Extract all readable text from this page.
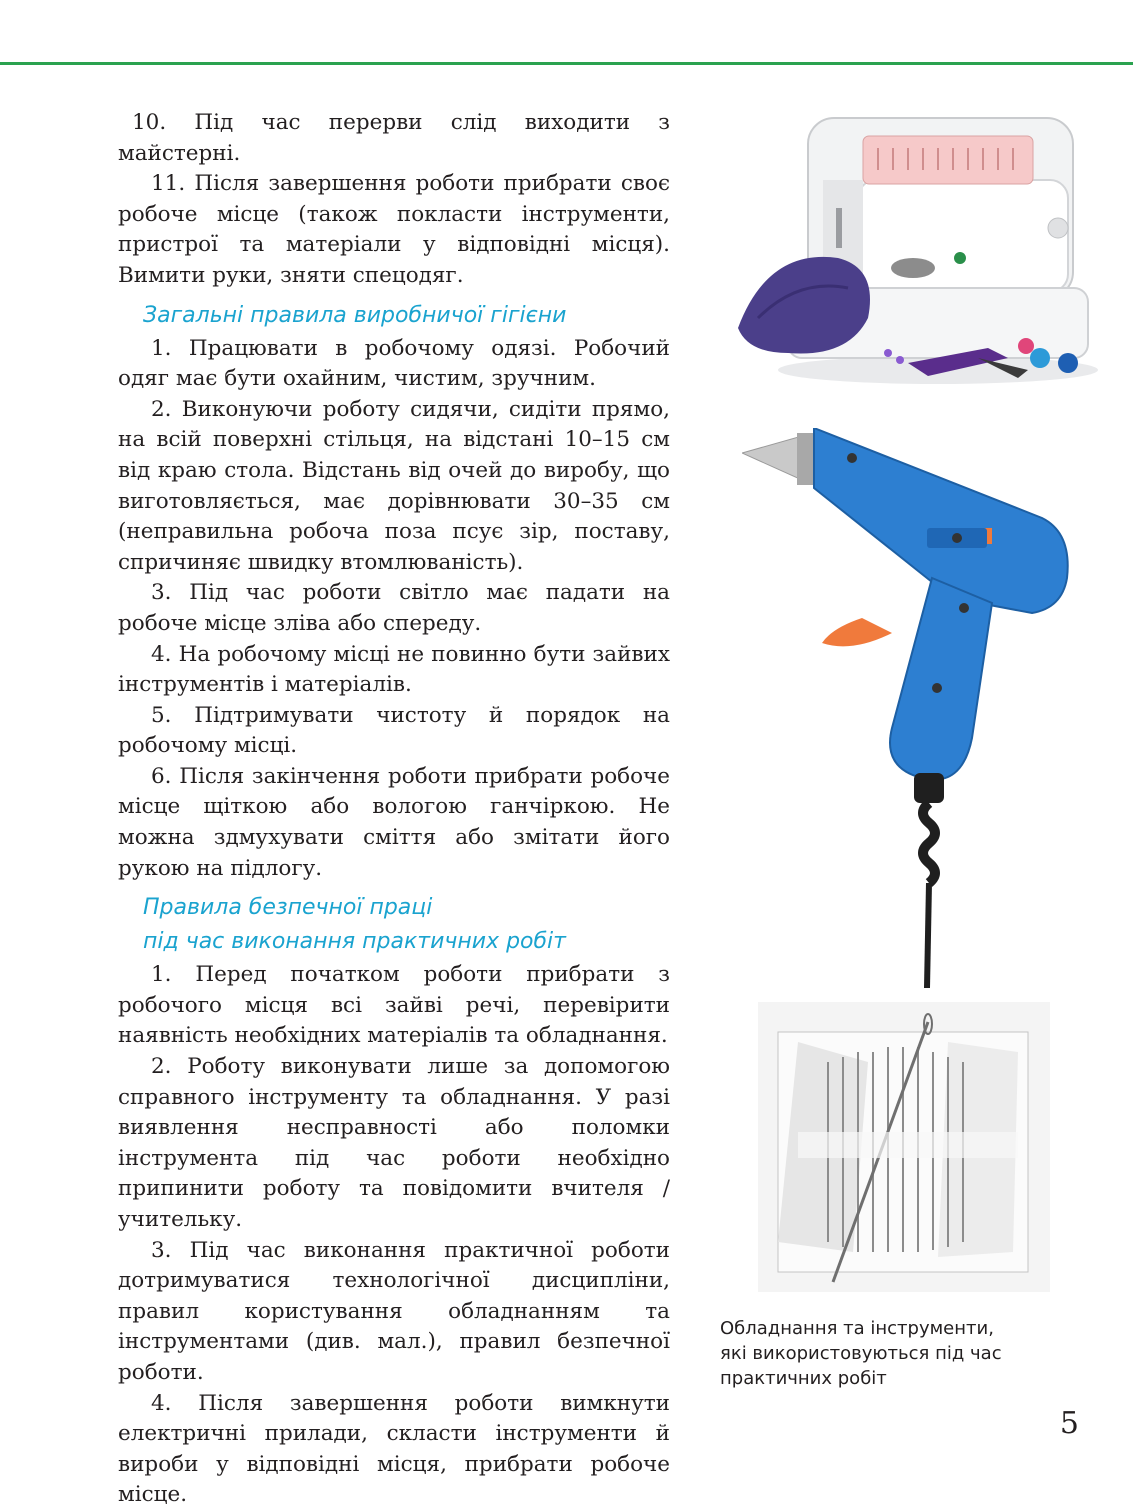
10. Під час перерви слід виходити з майстерні.

11. Після завершення роботи прибрати своє робоче місце (також покласти інструменти, пристрої та матеріали у відповідні місця). Вимити руки, зняти спецодяг.

Загальні правила виробничої гігієни

1. Працювати в робочому одязі. Робочий одяг має бути охайним, чистим, зручним.

2. Виконуючи роботу сидячи, сидіти прямо, на всій поверхні стільця, на відстані 10–15 см від краю стола. Відстань від очей до виробу, що виготовляється, має дорівнювати 30–35 см (неправильна робоча поза псує зір, поставу, спричиняє швидку втомлюваність).

3. Під час роботи світло має падати на робоче місце зліва або спереду.

4. На робочому місці не повинно бути зайвих інструментів і матеріалів.

5. Підтримувати чистоту й порядок на робочому місці.

6. Після закінчення роботи прибрати робоче місце щіткою або вологою ганчіркою. Не можна здмухувати сміття або змітати його рукою на підлогу.

Правила безпечної праці
під час виконання практичних робіт

1. Перед початком роботи прибрати з робочого місця всі зайві речі, перевірити наявність необхідних матеріалів та обладнання.

2. Роботу виконувати лише за допомогою справного інструменту та обладнання. У разі виявлення несправності або поломки інструмента під час роботи необхідно припинити роботу та повідомити вчителя / учительку.

3. Під час виконання практичної роботи дотримуватися технологічної дисципліни, правил користування обладнанням та інструментами (див. мал.), правил безпечної роботи.

4. Після завершення роботи вимкнути електричні прилади, скласти інструменти й вироби у відповідні місця, прибрати робоче місце.

Обладнання та інструменти,
які використовуються під час
практичних робіт
5
